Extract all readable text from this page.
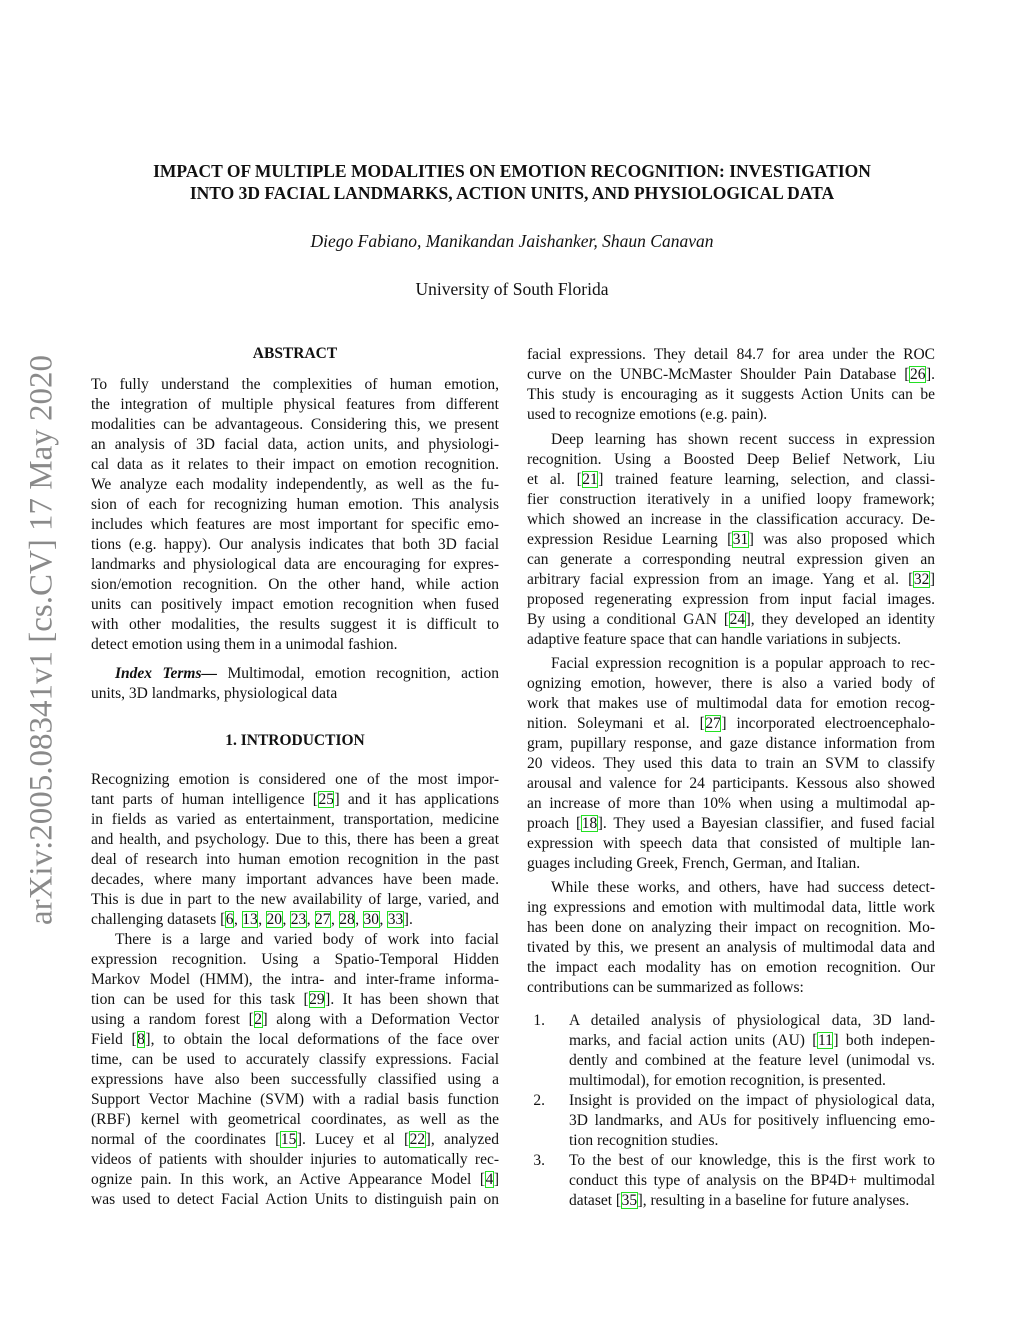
arXiv:2005.08341v1 [cs.CV] 17 May 2020
IMPACT OF MULTIPLE MODALITIES ON EMOTION RECOGNITION: INVESTIGATION
INTO 3D FACIAL LANDMARKS, ACTION UNITS, AND PHYSIOLOGICAL DATA
Diego Fabiano, Manikandan Jaishanker, Shaun Canavan
University of South Florida
ABSTRACT
To fully understand the complexities of human emotion,
the integration of multiple physical features from different
modalities can be advantageous. Considering this, we present
an analysis of 3D facial data, action units, and physiologi-
cal data as it relates to their impact on emotion recognition.
We analyze each modality independently, as well as the fu-
sion of each for recognizing human emotion. This analysis
includes which features are most important for specific emo-
tions (e.g. happy). Our analysis indicates that both 3D facial
landmarks and physiological data are encouraging for expres-
sion/emotion recognition. On the other hand, while action
units can positively impact emotion recognition when fused
with other modalities, the results suggest it is difficult to
detect emotion using them in a unimodal fashion.
Index Terms— Multimodal, emotion recognition, action
units, 3D landmarks, physiological data
1. INTRODUCTION
Recognizing emotion is considered one of the most impor-
tant parts of human intelligence [25] and it has applications
in fields as varied as entertainment, transportation, medicine
and health, and psychology. Due to this, there has been a great
deal of research into human emotion recognition in the past
decades, where many important advances have been made.
This is due in part to the new availability of large, varied, and
challenging datasets [6, 13, 20, 23, 27, 28, 30, 33].
There is a large and varied body of work into facial
expression recognition. Using a Spatio-Temporal Hidden
Markov Model (HMM), the intra- and inter-frame informa-
tion can be used for this task [29]. It has been shown that
using a random forest [2] along with a Deformation Vector
Field [8], to obtain the local deformations of the face over
time, can be used to accurately classify expressions. Facial
expressions have also been successfully classified using a
Support Vector Machine (SVM) with a radial basis function
(RBF) kernel with geometrical coordinates, as well as the
normal of the coordinates [15]. Lucey et al [22], analyzed
videos of patients with shoulder injuries to automatically rec-
ognize pain. In this work, an Active Appearance Model [4]
was used to detect Facial Action Units to distinguish pain on
facial expressions. They detail 84.7 for area under the ROC
curve on the UNBC-McMaster Shoulder Pain Database [26].
This study is encouraging as it suggests Action Units can be
used to recognize emotions (e.g. pain).
Deep learning has shown recent success in expression
recognition. Using a Boosted Deep Belief Network, Liu
et al. [21] trained feature learning, selection, and classi-
fier construction iteratively in a unified loopy framework;
which showed an increase in the classification accuracy. De-
expression Residue Learning [31] was also proposed which
can generate a corresponding neutral expression given an
arbitrary facial expression from an image. Yang et al. [32]
proposed regenerating expression from input facial images.
By using a conditional GAN [24], they developed an identity
adaptive feature space that can handle variations in subjects.
Facial expression recognition is a popular approach to rec-
ognizing emotion, however, there is also a varied body of
work that makes use of multimodal data for emotion recog-
nition. Soleymani et al. [27] incorporated electroencephalo-
gram, pupillary response, and gaze distance information from
20 videos. They used this data to train an SVM to classify
arousal and valence for 24 participants. Kessous also showed
an increase of more than 10% when using a multimodal ap-
proach [18]. They used a Bayesian classifier, and fused facial
expression with speech data that consisted of multiple lan-
guages including Greek, French, German, and Italian.
While these works, and others, have had success detect-
ing expressions and emotion with multimodal data, little work
has been done on analyzing their impact on recognition. Mo-
tivated by this, we present an analysis of multimodal data and
the impact each modality has on emotion recognition. Our
contributions can be summarized as follows:
1. A detailed analysis of physiological data, 3D land-
marks, and facial action units (AU) [11] both indepen-
dently and combined at the feature level (unimodal vs.
multimodal), for emotion recognition, is presented.
2. Insight is provided on the impact of physiological data,
3D landmarks, and AUs for positively influencing emo-
tion recognition studies.
3. To the best of our knowledge, this is the first work to
conduct this type of analysis on the BP4D+ multimodal
dataset [35], resulting in a baseline for future analyses.
